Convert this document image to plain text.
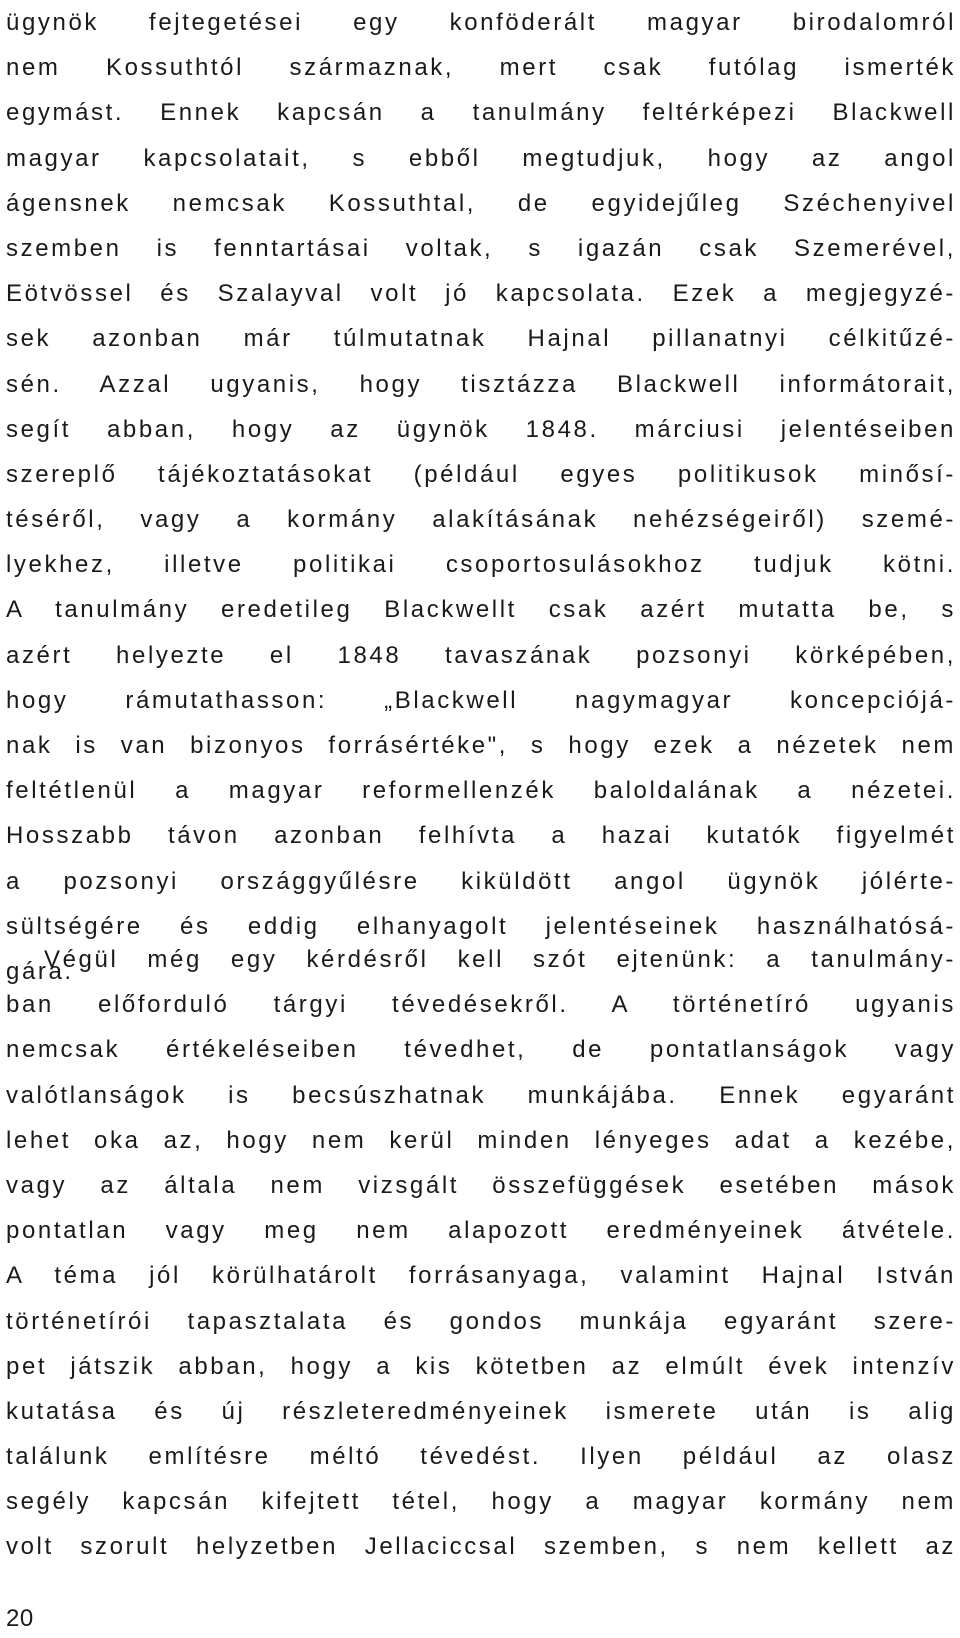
ügynök fejtegetései egy konföderált magyar birodalomról
nem Kossuthtól származnak, mert csak futólag ismerték
egymást. Ennek kapcsán a tanulmány feltérképezi Blackwell
magyar kapcsolatait, s ebből megtudjuk, hogy az angol
ágensnek nemcsak Kossuthtal, de egyidejűleg Széchenyivel
szemben is fenntartásai voltak, s igazán csak Szemerével,
Eötvössel és Szalayval volt jó kapcsolata. Ezek a megjegyzé-
sek azonban már túlmutatnak Hajnal pillanatnyi célkitűzé-
sén. Azzal ugyanis, hogy tisztázza Blackwell informátorait,
segít abban, hogy az ügynök 1848. márciusi jelentéseiben
szereplő tájékoztatásokat (például egyes politikusok minősí-
téséről, vagy a kormány alakításának nehézségeiről) szemé-
lyekhez, illetve politikai csoportosulásokhoz tudjuk kötni.
A tanulmány eredetileg Blackwellt csak azért mutatta be, s
azért helyezte el 1848 tavaszának pozsonyi körképében,
hogy rámutathasson: „Blackwell nagymagyar koncepciójá-
nak is van bizonyos forrásértéke", s hogy ezek a nézetek nem
feltétlenül a magyar reformellenzék baloldalának a nézetei.
Hosszabb távon azonban felhívta a hazai kutatók figyelmét
a pozsonyi országgyűlésre kiküldött angol ügynök jólérte-
sültségére és eddig elhanyagolt jelentéseinek használhatósá-
gára.
Végül még egy kérdésről kell szót ejtenünk: a tanulmány-
ban előforduló tárgyi tévedésekről. A történetíró ugyanis
nemcsak értékeléseiben tévedhet, de pontatlanságok vagy
valótlanságok is becsúszhatnak munkájába. Ennek egyaránt
lehet oka az, hogy nem kerül minden lényeges adat a kezébe,
vagy az általa nem vizsgált összefüggések esetében mások
pontatlan vagy meg nem alapozott eredményeinek átvétele.
A téma jól körülhatárolt forrásanyaga, valamint Hajnal István
történetírói tapasztalata és gondos munkája egyaránt szere-
pet játszik abban, hogy a kis kötetben az elmúlt évek intenzív
kutatása és új részleteredményeinek ismerete után is alig
találunk említésre méltó tévedést. Ilyen például az olasz
segély kapcsán kifejtett tétel, hogy a magyar kormány nem
volt szorult helyzetben Jellaciccsal szemben, s nem kellett az
20
